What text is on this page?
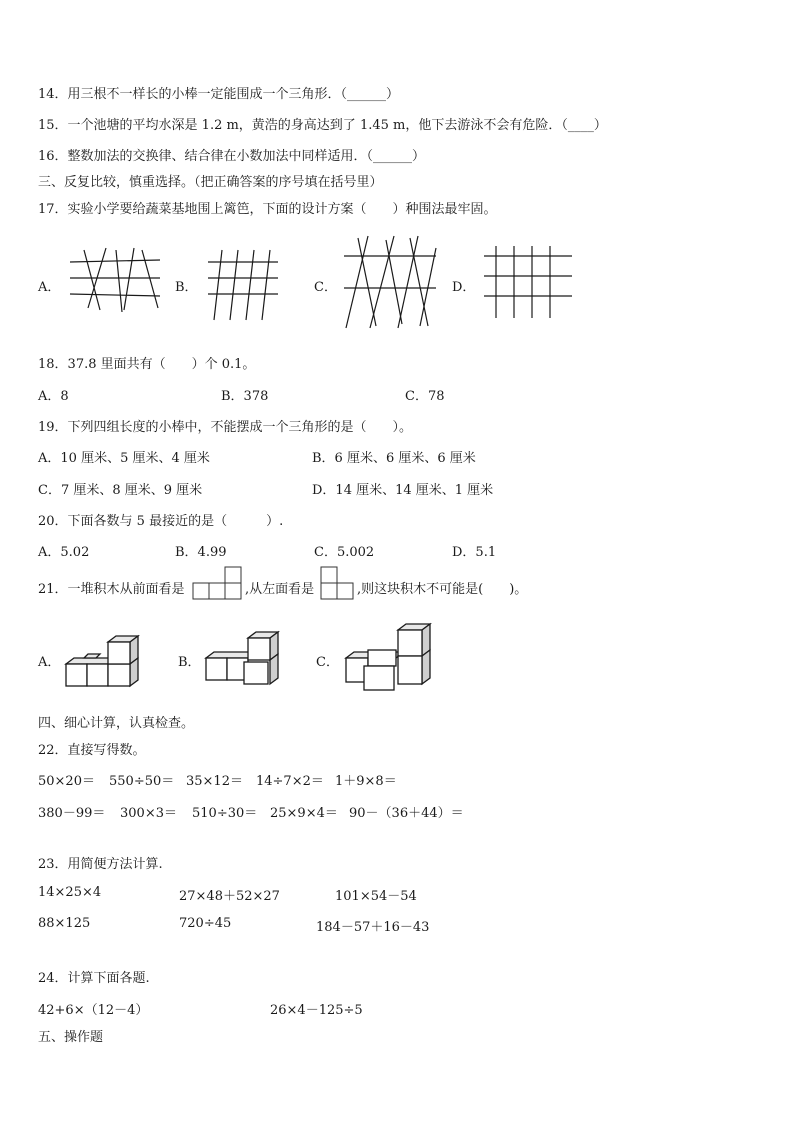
14．用三根不一样长的小棒一定能围成一个三角形．（______）
15．一个池塘的平均水深是 1.2 m，黄浩的身高达到了 1.45 m，他下去游泳不会有危险．（____）
16．整数加法的交换律、结合律在小数加法中同样适用．（______）
三、反复比较，慎重选择。（把正确答案的序号填在括号里）
17．实验小学要给蔬菜基地围上篱笆，下面的设计方案（　　）种围法最牢固。
A．	B．	C．	D．
18．37.8 里面共有（　　）个 0.1。
A．8	B．378	C．78
19．下列四组长度的小棒中，不能摆成一个三角形的是（　　）。
A．10 厘米、5 厘米、4 厘米	B．6 厘米、6 厘米、6 厘米
C．7 厘米、8 厘米、9 厘米	D．14 厘米、14 厘米、1 厘米
20．下面各数与 5 最接近的是（　　　）.
A．5.02	B．4.99	C．5.002	D．5.1
21．一堆积木从前面看是	,从左面看是	,则这块积木不可能是(　　)。
A．	B．	C．
四、细心计算，认真检查。
22．直接写得数。
50×20＝ 550÷50＝ 35×12＝ 14÷7×2＝ 1＋9×8＝
380－99＝ 300×3＝ 510÷30＝ 25×9×4＝ 90－（36＋44）＝
23．用简便方法计算.
14×25×4	27×48＋52×27	101×54－54
88×125	720÷45	184－57＋16－43
24．计算下面各题.
42+6×（12－4）	26×4－125÷5
五、操作题
